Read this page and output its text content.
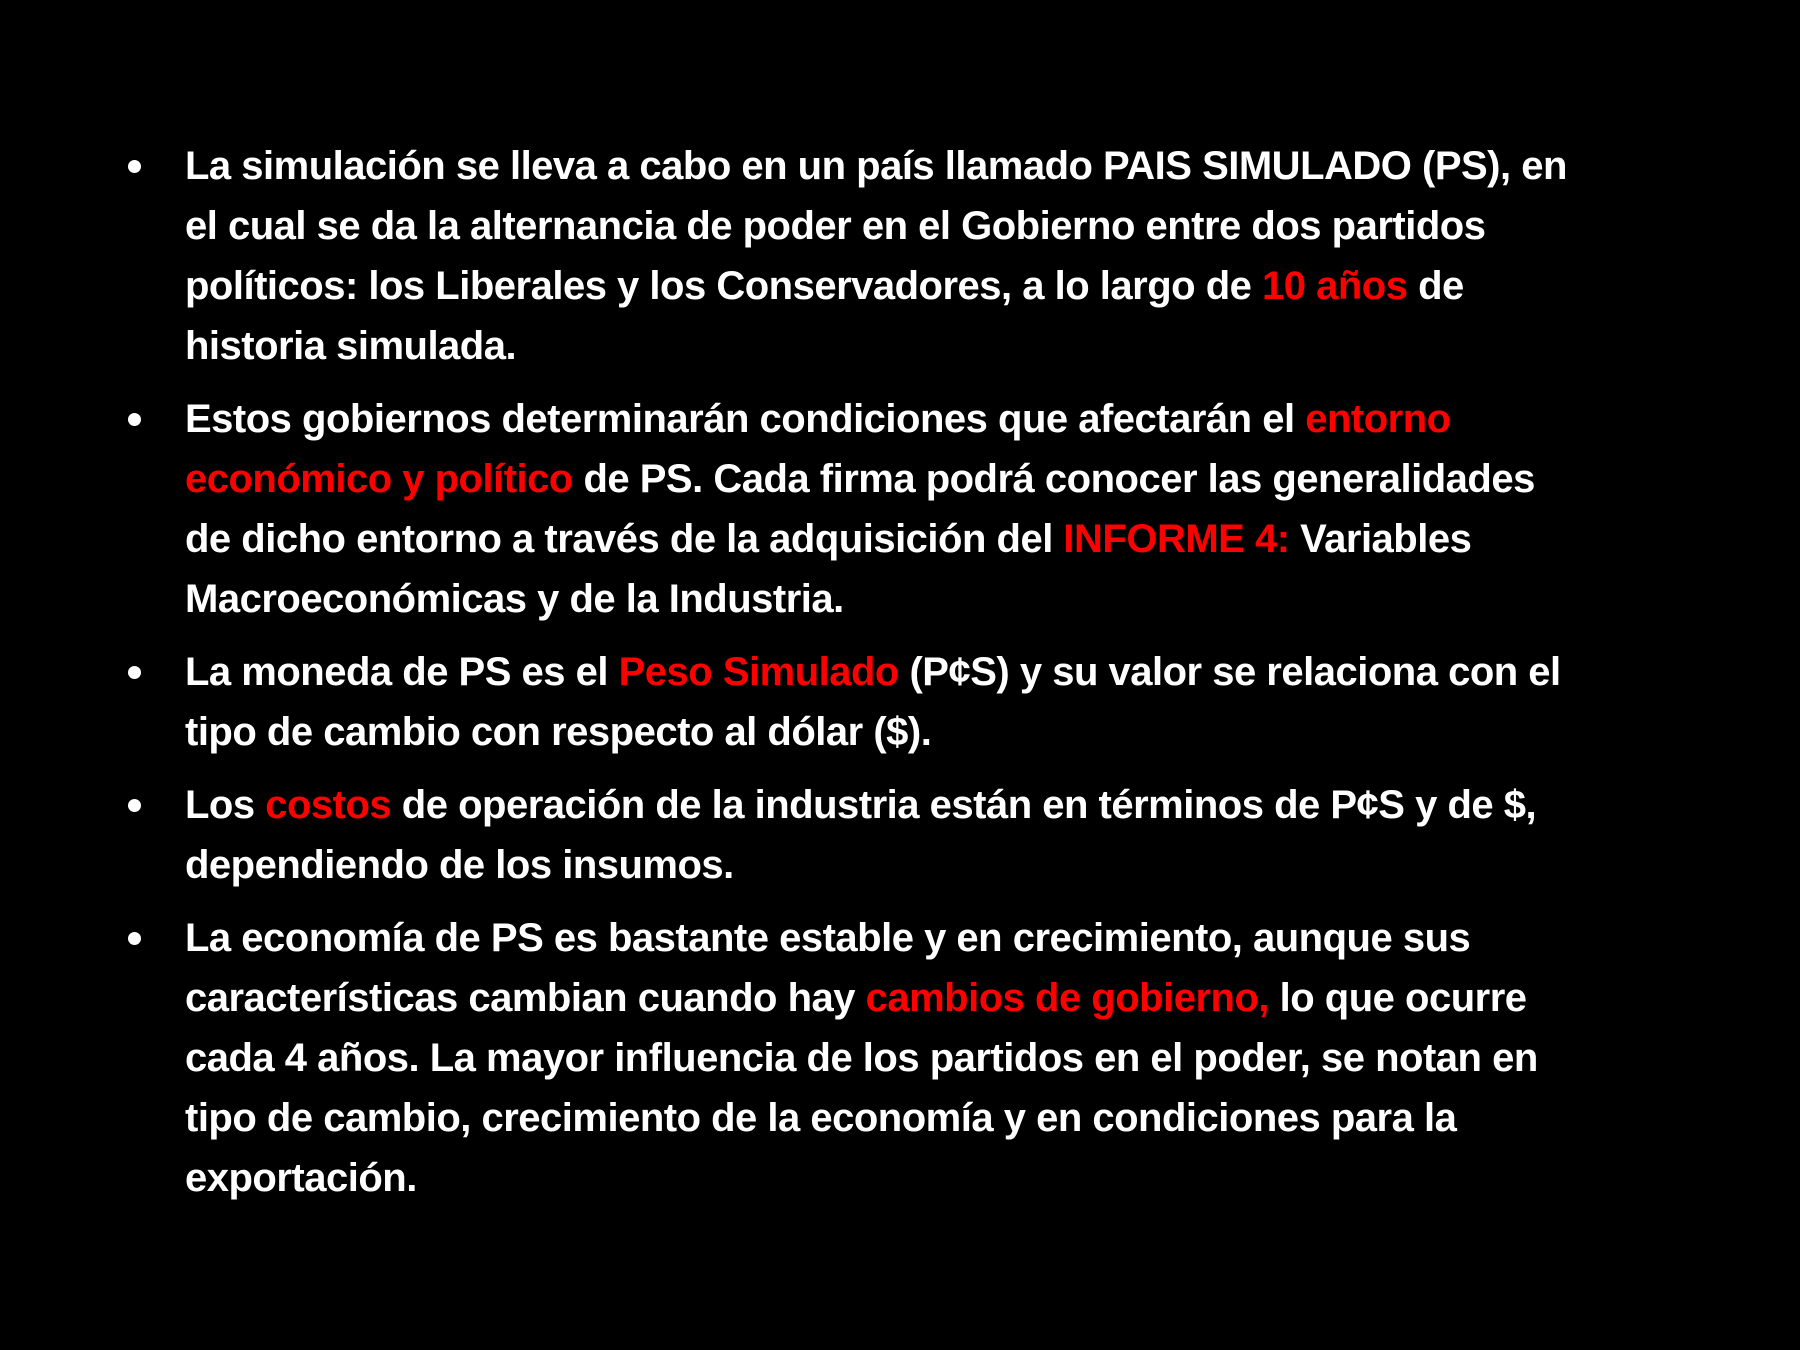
La simulación se lleva a cabo en un país llamado PAIS SIMULADO (PS), en
el cual se da la alternancia de poder en el Gobierno entre dos partidos
políticos: los Liberales y los Conservadores, a lo largo de 10 años de
historia simulada.
Estos gobiernos determinarán condiciones que afectarán el entorno
económico y político de PS. Cada firma podrá conocer las generalidades
de dicho entorno a través de la adquisición del INFORME 4: Variables
Macroeconómicas y de la Industria.
La moneda de PS es el Peso Simulado (P¢S) y su valor se relaciona con el
tipo de cambio con respecto al dólar ($).
Los costos de operación de la industria están en términos de P¢S y de $,
dependiendo de los insumos.
La economía de PS es bastante estable y en crecimiento, aunque sus
características cambian cuando hay cambios de gobierno, lo que ocurre
cada 4 años. La mayor influencia de los partidos en el poder, se notan en
tipo de cambio, crecimiento de la economía y en condiciones para la
exportación.
